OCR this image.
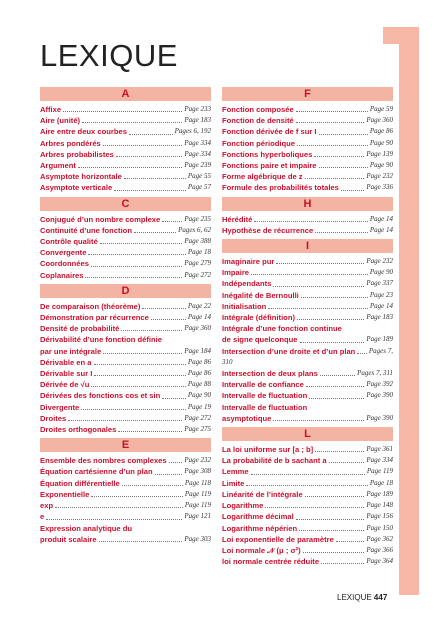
LEXIQUE
A
Affixe	Page 233
Aire (unité)	Page 183
Aire entre deux courbes	Pages 6, 192
Arbres pondérés	Page 334
Arbres probabilistes	Page 334
Argument	Page 239
Asymptote horizontale	Page 55
Asymptote verticale	Page 57
C
Conjugué d’un nombre complexe	Page 235
Continuité d’une fonction	Pages 6, 62
Contrôle qualité	Page 388
Convergente	Page 18
Coordonnées	Page 279
Coplanaires	Page 272
D
De comparaison (théorème)	Page 22
Démonstration par récurrence	Page 14
Densité de probabilité	Page 360
Dérivabilité d’une fonction définie
par une intégrale	Page 184
Dérivable en a	Page 86
Dérivable sur I	Page 86
Dérivée de √u	Page 88
Dérivées des fonctions cos et sin	Page 90
Divergente	Page 19
Droites	Page 272
Droites orthogonales	Page 275
E
Ensemble des nombres complexes	Page 232
Équation cartésienne d’un plan	Page 308
Équation différentielle	Page 118
Exponentielle	Page 119
exp	Page 119
e	Page 121
Expression analytique du
produit scalaire	Page 303
F
Fonction composée	Page 59
Fonction de densité	Page 360
Fonction dérivée de f sur I	Page 86
Fonction périodique	Page 90
Fonctions hyperboliques	Page 139
Fonctions paire et impaire	Page 90
Forme algébrique de z	Page 232
Formule des probabilités totales	Page 336
H
Hérédité	Page 14
Hypothèse de récurrence	Page 14
I
Imaginaire pur	Page 232
Impaire	Page 90
Indépendants	Page 337
Inégalité de Bernoulli	Page 23
Initialisation	Page 14
Intégrale (définition)	Page 183
Intégrale d’une fonction continue
de signe quelconque	Page 189
Intersection d’une droite et d’un plan Pages 7,
310
Intersection de deux plans	Pages 7, 311
Intervalle de confiance	Page 392
Intervalle de fluctuation	Page 390
Intervalle de fluctuation
asymptotique	Page 390
L
La loi uniforme sur [a ; b]	Page 361
La probabilité de b sachant a	Page 334
Lemme	Page 119
Limite	Page 18
Linéarité de l’intégrale	Page 189
Logarithme	Page 148
Logarithme décimal	Page 156
Logarithme népérien	Page 150
Loi exponentielle de paramètre	Page 362
Loi normale 𝒩 (μ ; σ²)	Page 366
loi normale centrée réduite	Page 364
LEXIQUE 447
